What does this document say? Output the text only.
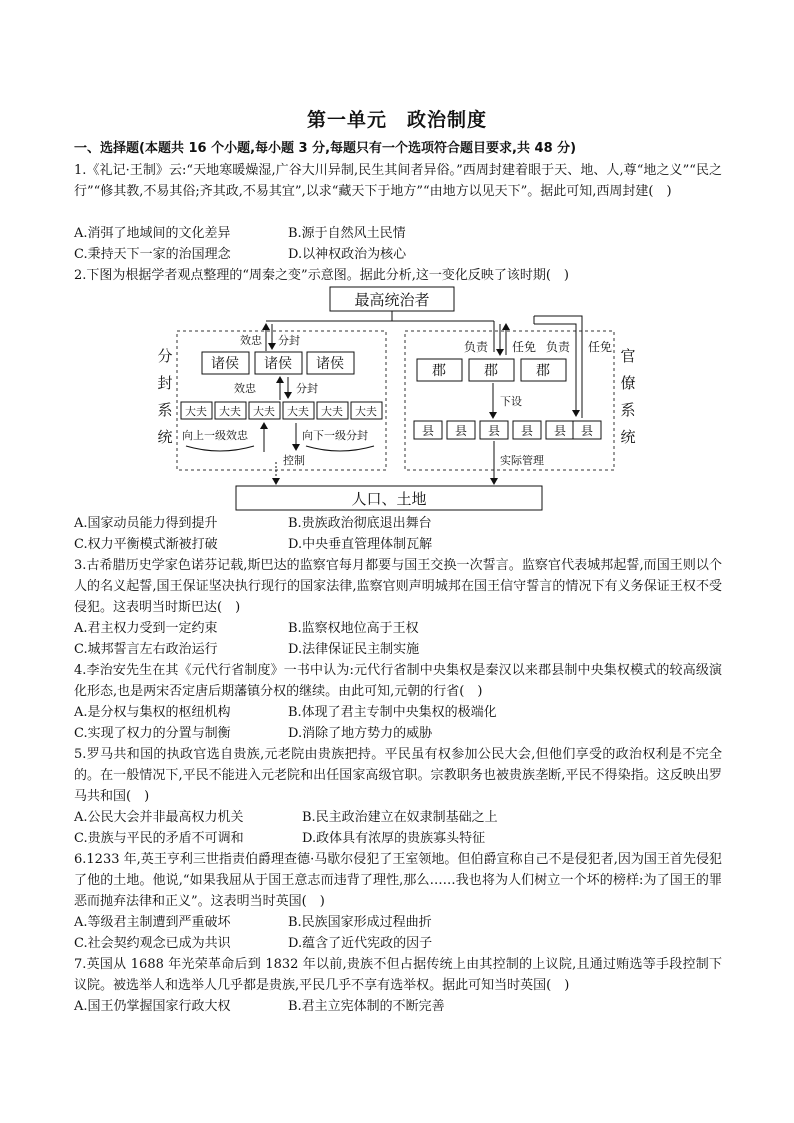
第一单元　政治制度
一、选择题(本题共 16 个小题,每小题 3 分,每题只有一个选项符合题目要求,共 48 分)
1.《礼记·王制》云:“天地寒暖燥湿,广谷大川异制,民生其间者异俗。”西周封建着眼于天、地、人,尊“地之义”“民之行”“修其教,不易其俗;齐其政,不易其宜”,以求“藏天下于地方”“由地方以见天下”。据此可知,西周封建(　)
A.消弭了地域间的文化差异	B.源于自然风土民情
C.秉持天下一家的治国理念	D.以神权政治为核心
2.下图为根据学者观点整理的“周秦之变”示意图。据此分析,这一变化反映了该时期(　)
最高统治者
分
封
系
统
官
僚
系
统
效忠 分封
诸侯 诸侯 诸侯
效忠	分封
大夫 大夫 大夫 大夫 大夫 大夫
向上一级效忠	向下一级分封
控制
负责 任免 负责 任免
郡	郡	郡
下设
县 县 县 县 县 县
实际管理
人口、土地
A.国家动员能力得到提升	B.贵族政治彻底退出舞台
C.权力平衡模式渐被打破	D.中央垂直管理体制瓦解
3.古希腊历史学家色诺芬记载,斯巴达的监察官每月都要与国王交换一次誓言。监察官代表城邦起誓,而国王则以个人的名义起誓,国王保证坚决执行现行的国家法律,监察官则声明城邦在国王信守誓言的情况下有义务保证王权不受侵犯。这表明当时斯巴达(　)
A.君主权力受到一定约束	B.监察权地位高于王权
C.城邦誓言左右政治运行	D.法律保证民主制实施
4.李治安先生在其《元代行省制度》一书中认为:元代行省制中央集权是秦汉以来郡县制中央集权模式的较高级演化形态,也是两宋否定唐后期藩镇分权的继续。由此可知,元朝的行省(　)
A.是分权与集权的枢纽机构	B.体现了君主专制中央集权的极端化
C.实现了权力的分置与制衡	D.消除了地方势力的威胁
5.罗马共和国的执政官选自贵族,元老院由贵族把持。平民虽有权参加公民大会,但他们享受的政治权利是不完全的。在一般情况下,平民不能进入元老院和出任国家高级官职。宗教职务也被贵族垄断,平民不得染指。这反映出罗马共和国(　)
A.公民大会并非最高权力机关	B.民主政治建立在奴隶制基础之上
C.贵族与平民的矛盾不可调和	D.政体具有浓厚的贵族寡头特征
6.1233 年,英王亨利三世指责伯爵理查德·马歇尔侵犯了王室领地。但伯爵宣称自己不是侵犯者,因为国王首先侵犯了他的土地。他说,“如果我屈从于国王意志而违背了理性,那么……我也将为人们树立一个坏的榜样:为了国王的罪恶而抛弃法律和正义”。这表明当时英国(　)
A.等级君主制遭到严重破坏	B.民族国家形成过程曲折
C.社会契约观念已成为共识	D.蕴含了近代宪政的因子
7.英国从 1688 年光荣革命后到 1832 年以前,贵族不但占据传统上由其控制的上议院,且通过贿选等手段控制下议院。被选举人和选举人几乎都是贵族,平民几乎不享有选举权。据此可知当时英国(　)
A.国王仍掌握国家行政大权	B.君主立宪体制的不断完善
